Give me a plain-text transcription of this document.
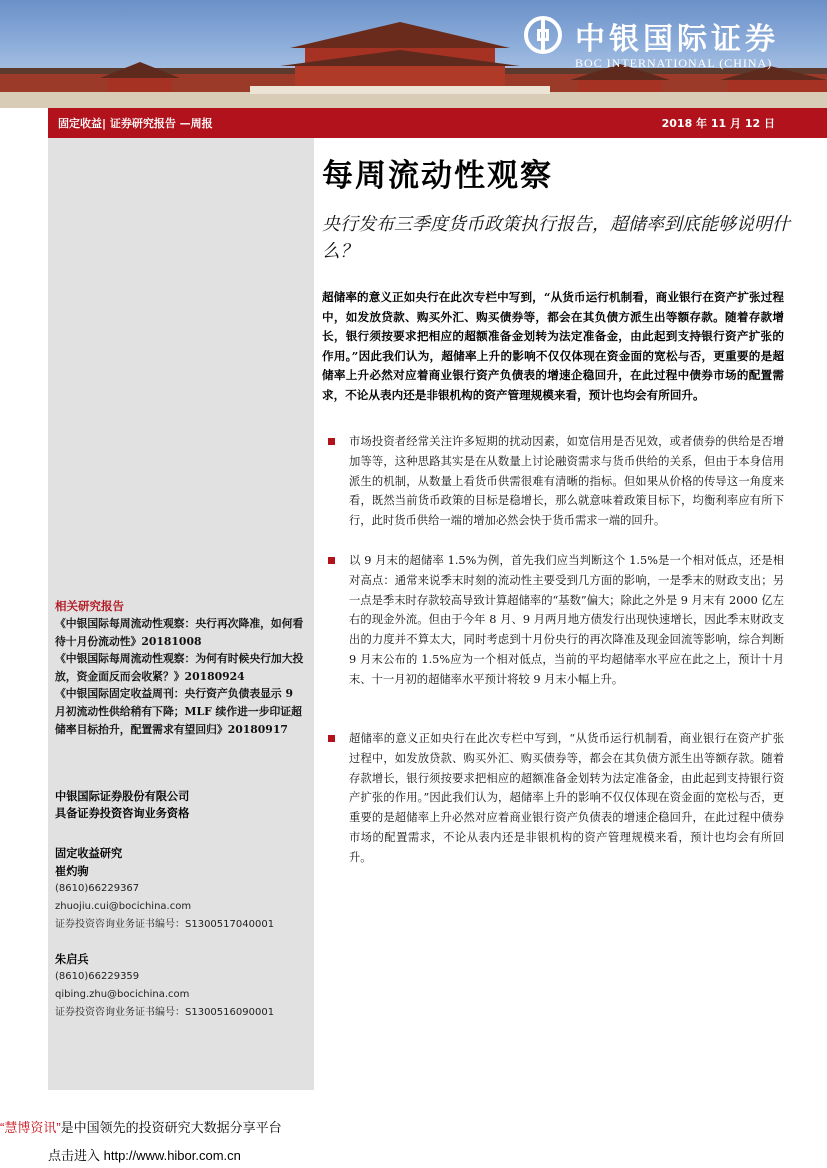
中银国际证券
BOC INTERNATIONAL (CHINA)
固定收益| 证券研究报告 —周报	2018 年 11 月 12 日
相关研究报告

《中银国际每周流动性观察：央行再次降准，如何看待十月份流动性》20181008

《中银国际每周流动性观察：为何有时候央行加大投放，资金面反而会收紧？》20180924

《中银国际固定收益周刊：央行资产负债表显示 9 月初流动性供给稍有下降；MLF 续作进一步印证超储率目标抬升，配置需求有望回归》20180917

中银国际证券股份有限公司

具备证券投资咨询业务资格

固定收益研究

崔灼驹

(8610)66229367

zhuojiu.cui@bocichina.com

证券投资咨询业务证书编号：S1300517040001

朱启兵

(8610)66229359

qibing.zhu@bocichina.com

证券投资咨询业务证书编号：S1300516090001

每周流动性观察
央行发布三季度货币政策执行报告，超储率到底能够说明什么？
超储率的意义正如央行在此次专栏中写到，“从货币运行机制看，商业银行在资产扩张过程中，如发放贷款、购买外汇、购买债券等，都会在其负债方派生出等额存款。随着存款增长，银行须按要求把相应的超额准备金划转为法定准备金，由此起到支持银行资产扩张的作用。”因此我们认为，超储率上升的影响不仅仅体现在资金面的宽松与否，更重要的是超储率上升必然对应着商业银行资产负债表的增速企稳回升，在此过程中债券市场的配置需求，不论从表内还是非银机构的资产管理规模来看，预计也均会有所回升。
市场投资者经常关注许多短期的扰动因素，如宽信用是否见效，或者债券的供给是否增加等等，这种思路其实是在从数量上讨论融资需求与货币供给的关系，但由于本身信用派生的机制，从数量上看货币供需很难有清晰的指标。但如果从价格的传导这一角度来看，既然当前货币政策的目标是稳增长，那么就意味着政策目标下，均衡利率应有所下行，此时货币供给一端的增加必然会快于货币需求一端的回升。
以 9 月末的超储率 1.5%为例，首先我们应当判断这个 1.5%是一个相对低点，还是相对高点：通常来说季末时刻的流动性主要受到几方面的影响，一是季末的财政支出；另一点是季末时存款较高导致计算超储率的“基数”偏大；除此之外是 9 月末有 2000 亿左右的现金外流。但由于今年 8 月、9 月两月地方债发行出现快速增长，因此季末财政支出的力度并不算太大，同时考虑到十月份央行的再次降准及现金回流等影响，综合判断 9 月末公布的 1.5%应为一个相对低点，当前的平均超储率水平应在此之上，预计十月末、十一月初的超储率水平预计将较 9 月末小幅上升。
超储率的意义正如央行在此次专栏中写到，“从货币运行机制看，商业银行在资产扩张过程中，如发放贷款、购买外汇、购买债券等，都会在其负债方派生出等额存款。随着存款增长，银行须按要求把相应的超额准备金划转为法定准备金，由此起到支持银行资产扩张的作用。”因此我们认为，超储率上升的影响不仅仅体现在资金面的宽松与否，更重要的是超储率上升必然对应着商业银行资产负债表的增速企稳回升，在此过程中债券市场的配置需求，不论从表内还是非银机构的资产管理规模来看，预计也均会有所回升。
“慧博资讯”是中国领先的投资研究大数据分享平台
点击进入 http://www.hibor.com.cn
